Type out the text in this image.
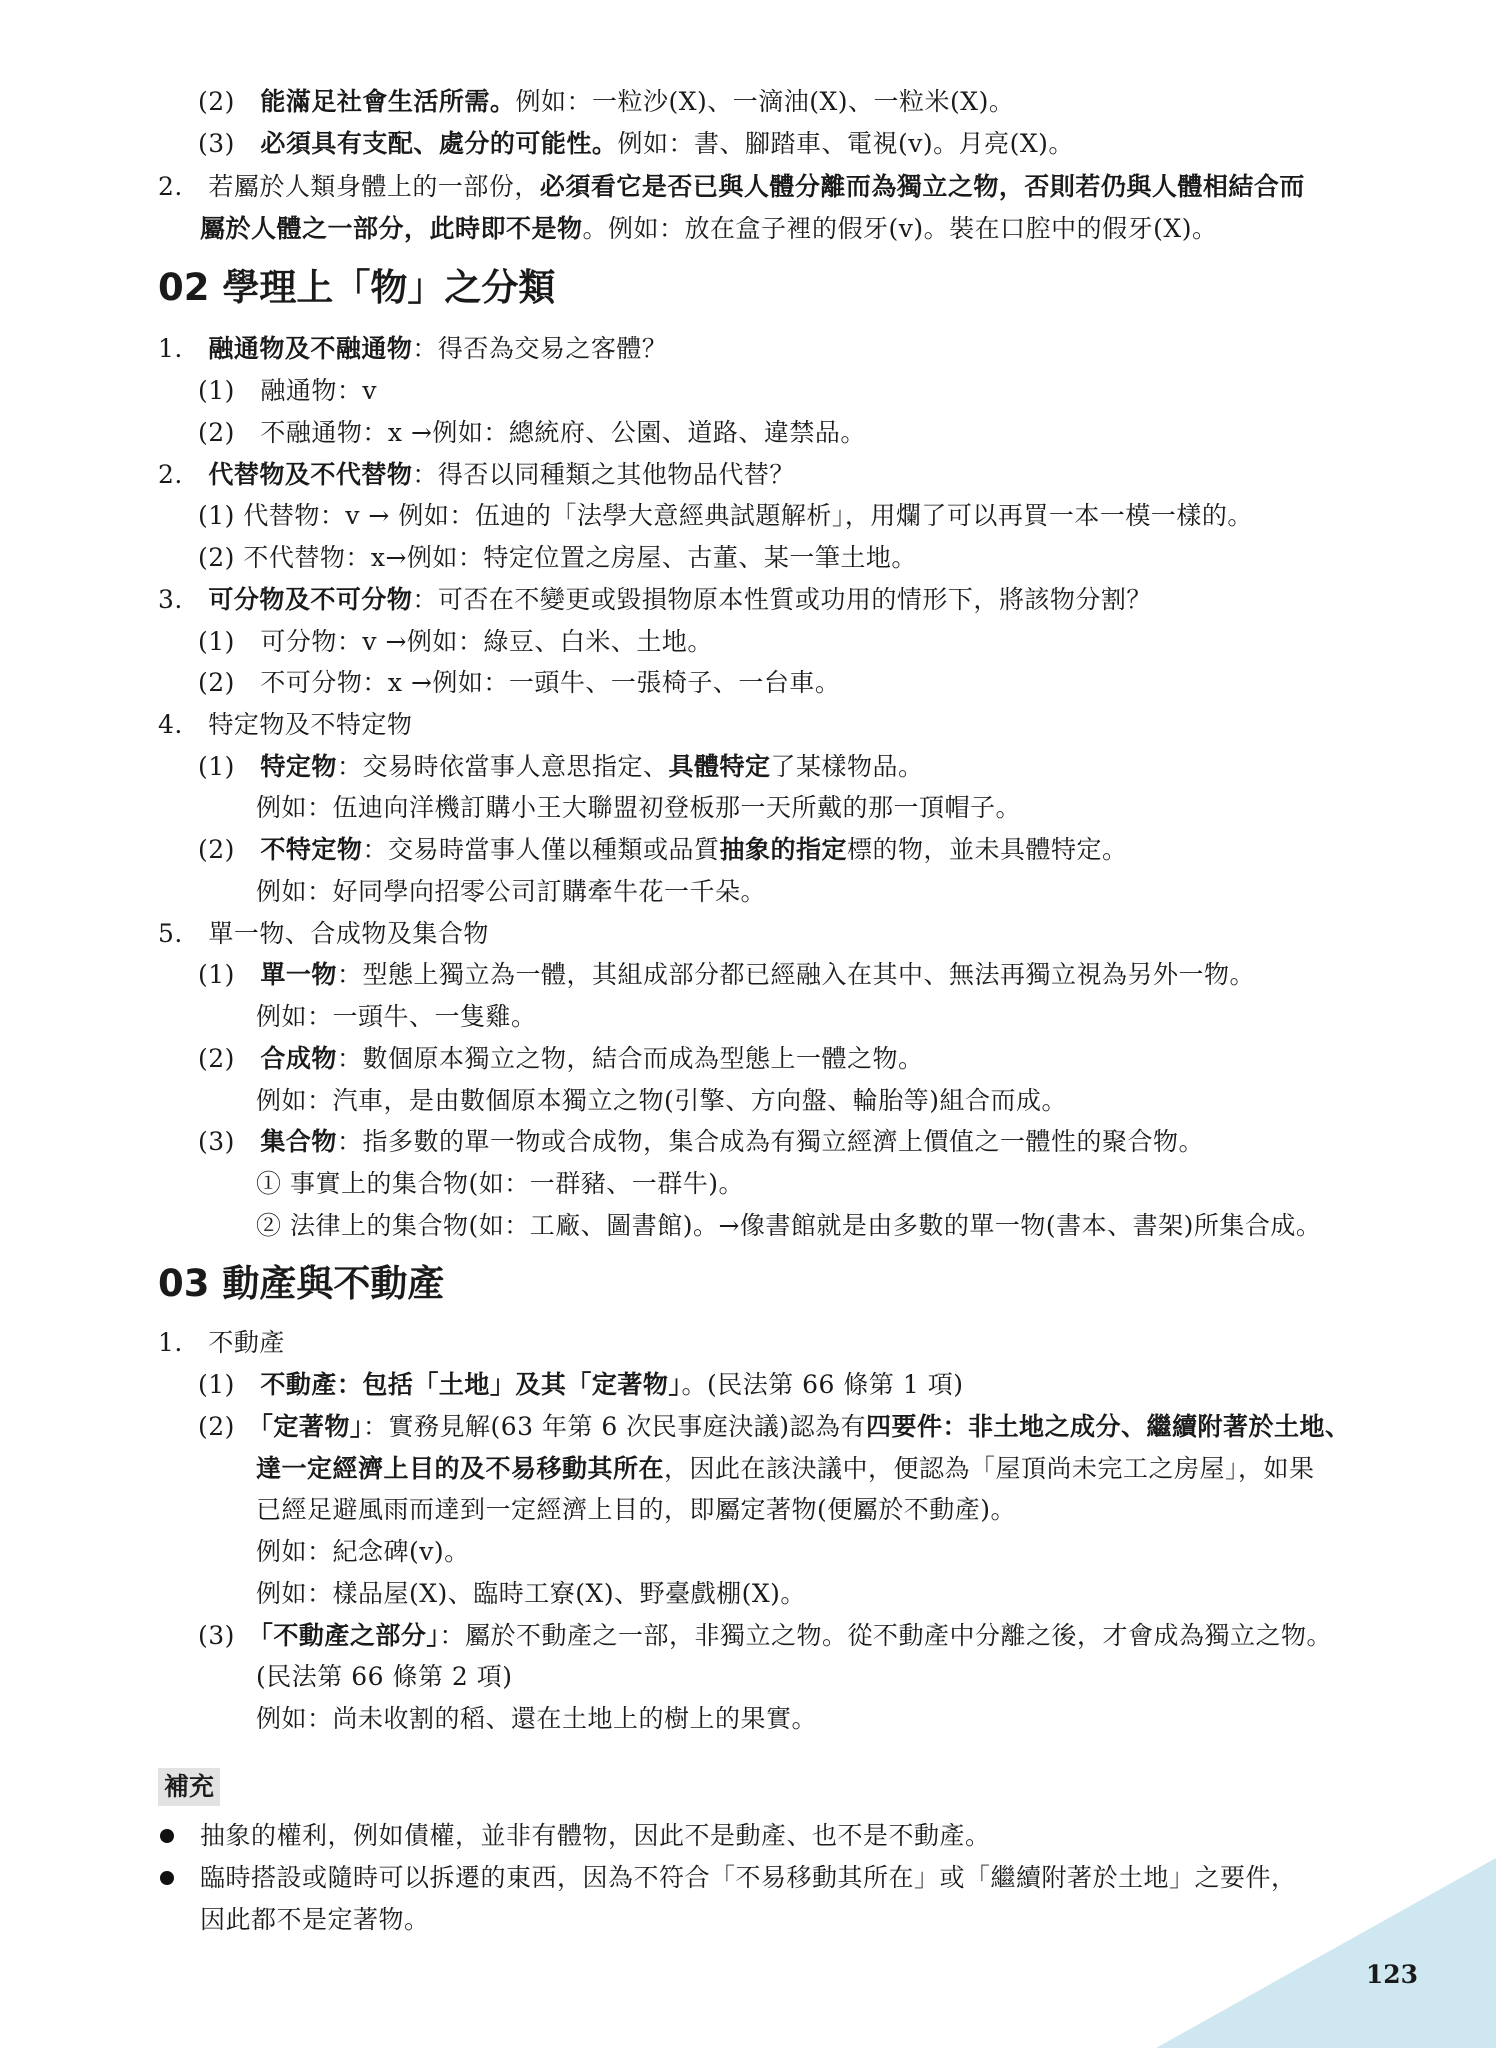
(2)　能滿足社會生活所需。例如：一粒沙(X)、一滴油(X)、一粒米(X)。
(3)　必須具有支配、處分的可能性。例如：書、腳踏車、電視(v)。月亮(X)。
2.　若屬於人類身體上的一部份，必須看它是否已與人體分離而為獨立之物，否則若仍與人體相結合而
屬於人體之一部分，此時即不是物。例如：放在盒子裡的假牙(v)。裝在口腔中的假牙(X)。
02 學理上「物」之分類
1.　融通物及不融通物：得否為交易之客體？
(1)　融通物：v
(2)　不融通物：x →例如：總統府、公園、道路、違禁品。
2.　代替物及不代替物：得否以同種類之其他物品代替？
(1) 代替物：v → 例如：伍迪的「法學大意經典試題解析」，用爛了可以再買一本一模一樣的。
(2) 不代替物：x→例如：特定位置之房屋、古董、某一筆土地。
3.　可分物及不可分物：可否在不變更或毀損物原本性質或功用的情形下，將該物分割？
(1)　可分物：v →例如：綠豆、白米、土地。
(2)　不可分物：x →例如：一頭牛、一張椅子、一台車。
4.　特定物及不特定物
(1)　特定物：交易時依當事人意思指定、具體特定了某樣物品。
例如：伍迪向洋機訂購小王大聯盟初登板那一天所戴的那一頂帽子。
(2)　不特定物：交易時當事人僅以種類或品質抽象的指定標的物，並未具體特定。
例如：好同學向招零公司訂購牽牛花一千朵。
5.　單一物、合成物及集合物
(1)　單一物：型態上獨立為一體，其組成部分都已經融入在其中、無法再獨立視為另外一物。
例如：一頭牛、一隻雞。
(2)　合成物：數個原本獨立之物，結合而成為型態上一體之物。
例如：汽車，是由數個原本獨立之物(引擎、方向盤、輪胎等)組合而成。
(3)　集合物：指多數的單一物或合成物，集合成為有獨立經濟上價值之一體性的聚合物。
① 事實上的集合物(如：一群豬、一群牛)。
② 法律上的集合物(如：工廠、圖書館)。→像書館就是由多數的單一物(書本、書架)所集合成。
03 動產與不動產
1.　不動產
(1)　不動產：包括「土地」及其「定著物」。(民法第 66 條第 1 項)
(2)　「定著物」：實務見解(63 年第 6 次民事庭決議)認為有四要件：非土地之成分、繼續附著於土地、
達一定經濟上目的及不易移動其所在，因此在該決議中，便認為「屋頂尚未完工之房屋」，如果
已經足避風雨而達到一定經濟上目的，即屬定著物(便屬於不動產)。
例如：紀念碑(v)。
例如：樣品屋(X)、臨時工寮(X)、野臺戲棚(X)。
(3)　「不動產之部分」：屬於不動產之一部，非獨立之物。從不動產中分離之後，才會成為獨立之物。
(民法第 66 條第 2 項)
例如：尚未收割的稻、還在土地上的樹上的果實。
補充
抽象的權利，例如債權，並非有體物，因此不是動產、也不是不動產。
臨時搭設或隨時可以拆遷的東西，因為不符合「不易移動其所在」或「繼續附著於土地」之要件，
因此都不是定著物。
123
